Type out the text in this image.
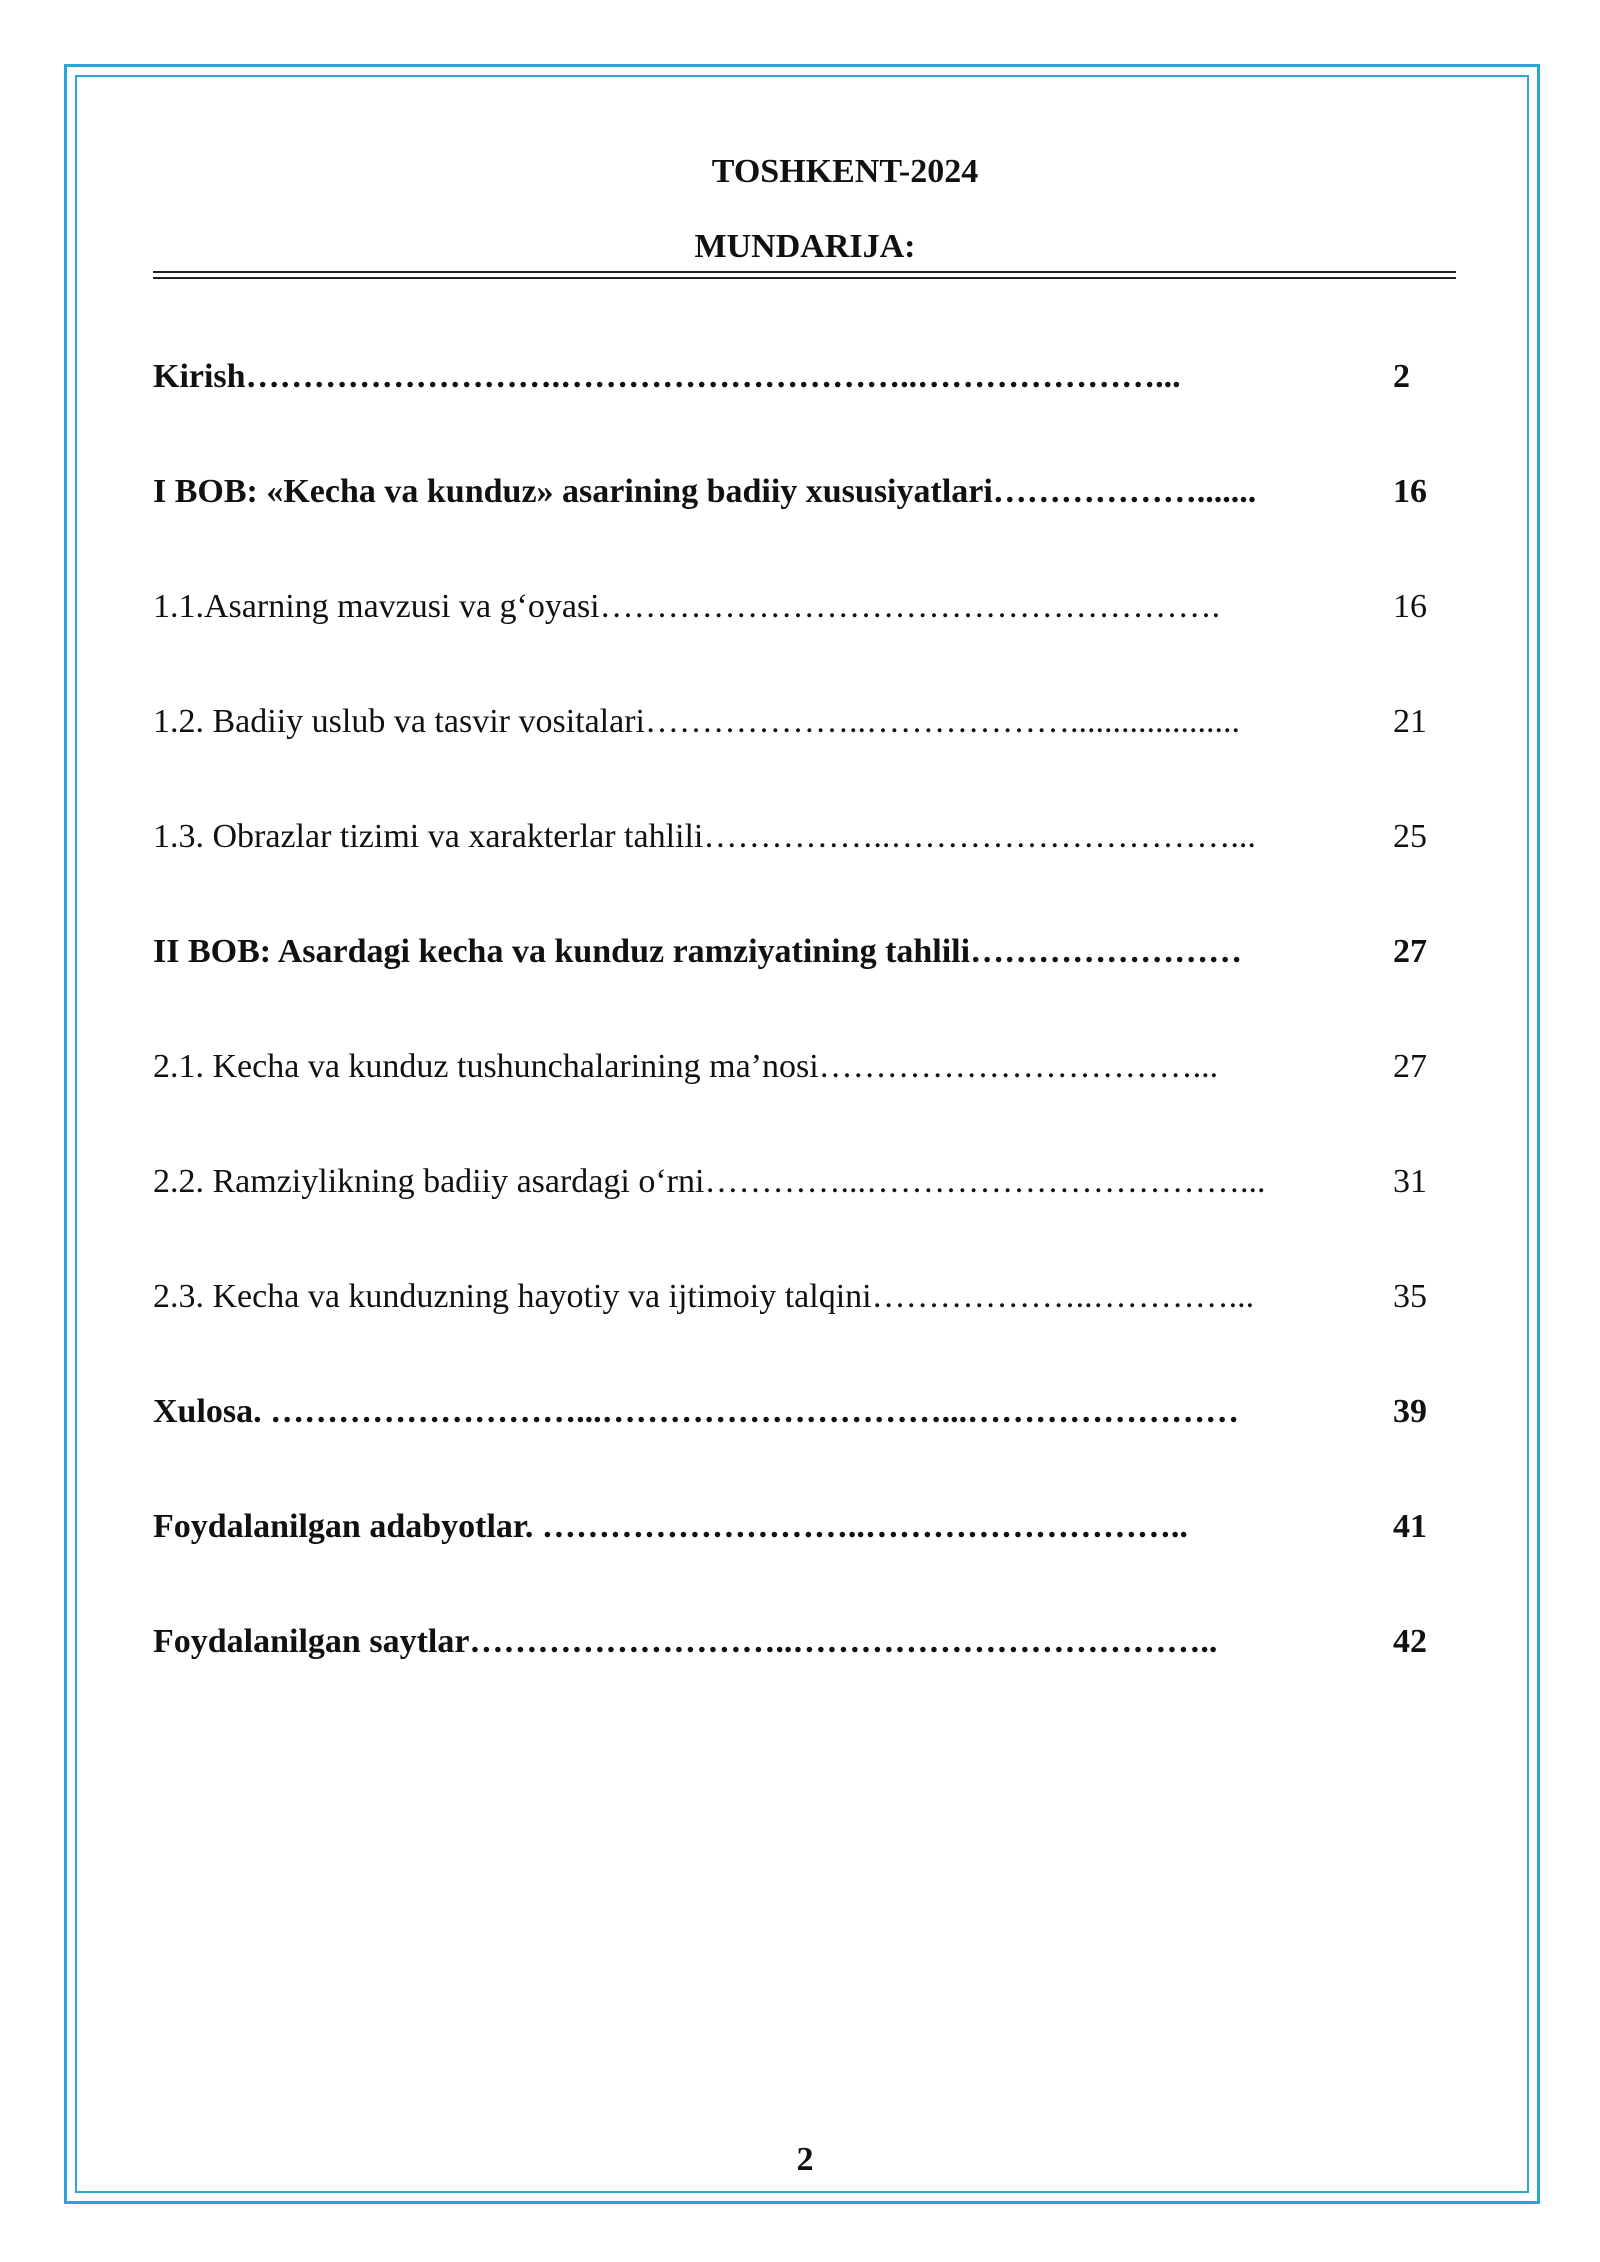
TOSHKENT-2024
MUNDARIJA:
Kirish……………………….…………………………..…………………...	2
I BOB: «Kecha va kunduz» asarining badiiy xususiyatlari……………….......	16
1.1.Asarning mavzusi va g‘oyasi……………………………………………….	16
1.2. Badiiy uslub va tasvir vositalari………………..………………....................	21
1.3. Obrazlar tizimi va xarakterlar tahlili……………..…………………………...	25
II BOB: Asardagi kecha va kunduz ramziyatining tahlili……………………	27
2.1. Kecha va kunduz tushunchalarining ma’nosi……………………………...	27
2.2. Ramziylikning badiiy asardagi o‘rni…………...……………………………...	31
2.3. Kecha va kunduzning hayotiy va ijtimoiy talqini………………..…………...	35
Xulosa. ………………………...…………………………...……………………	39
Foydalanilgan adabyotlar. ………………………..………………………..	41
Foydalanilgan saytlar………………………..………………………………..	42
2
